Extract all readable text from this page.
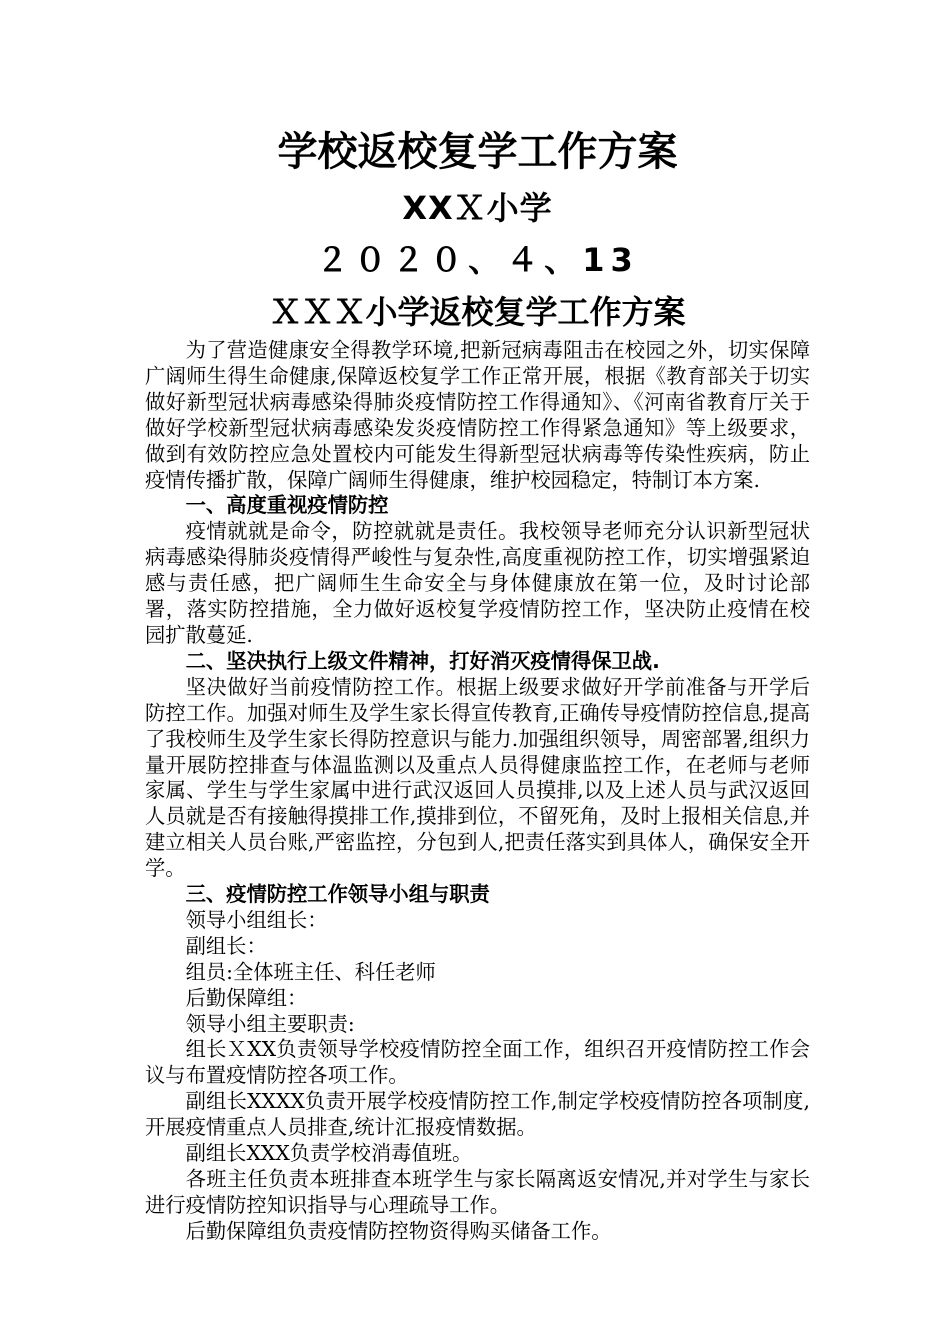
学校返校复学工作方案
XXＸ小学
２０２０、４、13
ＸＸＸ小学返校复学工作方案

为了营造健康安全得教学环境,把新冠病毒阻击在校园之外，切实保障广阔师生得生命健康,保障返校复学工作正常开展，根据《教育部关于切实做好新型冠状病毒感染得肺炎疫情防控工作得通知》、《河南省教育厅关于做好学校新型冠状病毒感染发炎疫情防控工作得紧急通知》等上级要求，做到有效防控应急处置校内可能发生得新型冠状病毒等传染性疾病，防止疫情传播扩散，保障广阔师生得健康，维护校园稳定，特制订本方案.

一、高度重视疫情防控

疫情就就是命令，防控就就是责任。我校领导老师充分认识新型冠状病毒感染得肺炎疫情得严峻性与复杂性,高度重视防控工作，切实增强紧迫感与责任感，把广阔师生生命安全与身体健康放在第一位，及时讨论部署，落实防控措施，全力做好返校复学疫情防控工作，坚决防止疫情在校园扩散蔓延.

二、坚决执行上级文件精神，打好消灭疫情得保卫战.

坚决做好当前疫情防控工作。根据上级要求做好开学前准备与开学后防控工作。加强对师生及学生家长得宣传教育,正确传导疫情防控信息,提高了我校师生及学生家长得防控意识与能力.加强组织领导，周密部署,组织力量开展防控排查与体温监测以及重点人员得健康监控工作，在老师与老师家属、学生与学生家属中进行武汉返回人员摸排,以及上述人员与武汉返回人员就是否有接触得摸排工作,摸排到位，不留死角，及时上报相关信息,并建立相关人员台账,严密监控，分包到人,把责任落实到具体人，确保安全开学。

三、疫情防控工作领导小组与职责

领导小组组长：

副组长：

组员:全体班主任、科任老师

后勤保障组：

领导小组主要职责:

组长ＸXX负责领导学校疫情防控全面工作，组织召开疫情防控工作会议与布置疫情防控各项工作。

副组长XXXX负责开展学校疫情防控工作,制定学校疫情防控各项制度,开展疫情重点人员排查,统计汇报疫情数据。

副组长XXX负责学校消毒值班。

各班主任负责本班排查本班学生与家长隔离返安情况,并对学生与家长进行疫情防控知识指导与心理疏导工作。

后勤保障组负责疫情防控物资得购买储备工作。
